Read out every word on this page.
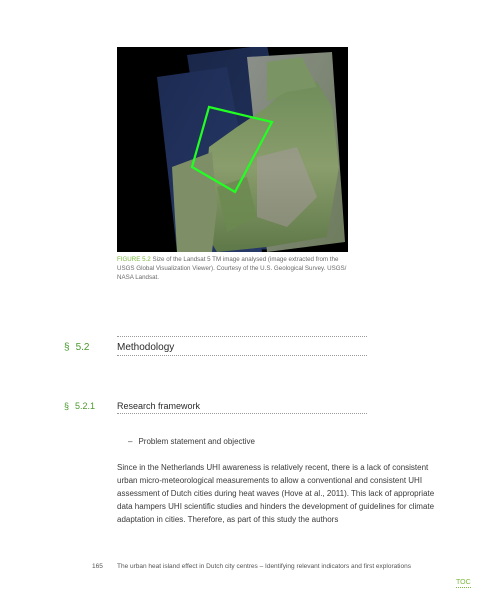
FIGURE 5.2 Size of the Landsat 5 TM image analysed (image extracted from the USGS Global Visualization Viewer). Courtesy of the U.S. Geological Survey. USGS/ NASA Landsat.
§ 5.2	Methodology
§ 5.2.1 Research framework
– Problem statement and objective
Since in the Netherlands UHI awareness is relatively recent, there is a lack of consistent urban micro-meteorological measurements to allow a conventional and consistent UHI assessment of Dutch cities during heat waves (Hove at al., 2011). This lack of appropriate data hampers UHI scientific studies and hinders the development of guidelines for climate adaptation in cities. Therefore, as part of this study the authors
165 The urban heat island effect in Dutch city centres – Identifying relevant indicators and first explorations
TOC
